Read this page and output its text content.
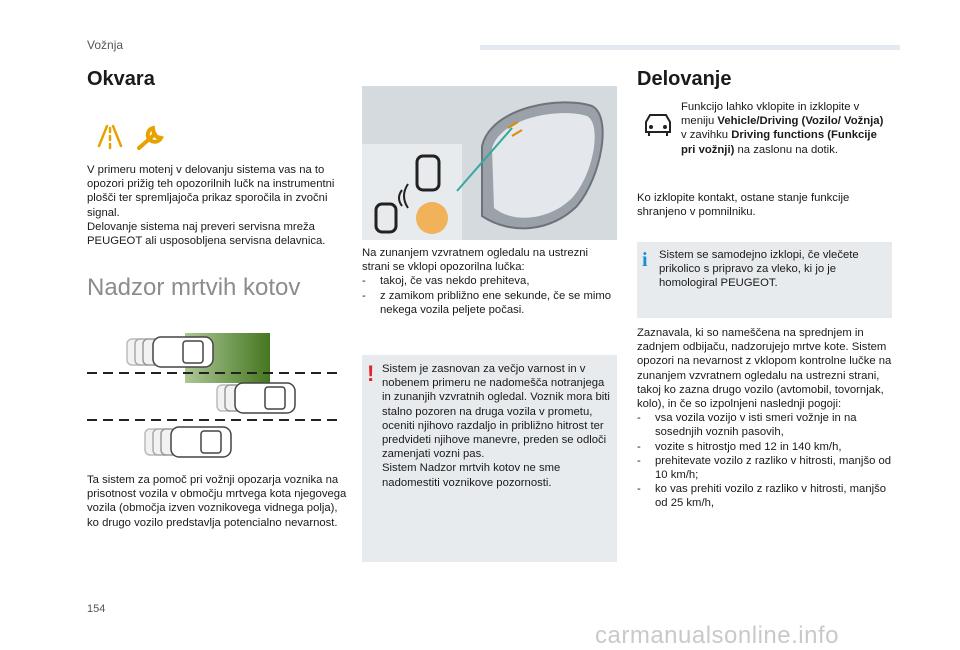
Vožnja
Okvara

V primeru motenj v delovanju sistema vas na to opozori prižig teh opozorilnih lučk na instrumentni plošči ter spremljajoča prikaz sporočila in zvočni signal.

Delovanje sistema naj preveri servisna mreža PEUGEOT ali usposobljena servisna delavnica.

Nadzor mrtvih kotov
Ta sistem za pomoč pri vožnji opozarja voznika na prisotnost vozila v območju mrtvega kota njegovega vozila (območja izven voznikovega vidnega polja), ko drugo vozilo predstavlja potencialno nevarnost.

Na zunanjem vzvratnem ogledalu na ustrezni strani se vklopi opozorilna lučka:

- takoj, če vas nekdo prehiteva,
- z zamikom približno ene sekunde, če se mimo nekega vozila peljete počasi.
! Sistem je zasnovan za večjo varnost in v nobenem primeru ne nadomešča notranjega in zunanjih vzvratnih ogledal. Voznik mora biti stalno pozoren na druga vozila v prometu, oceniti njihovo razdaljo in približno hitrost ter predvideti njihove manevre, preden se odloči zamenjati vozni pas.

Sistem Nadzor mrtvih kotov ne sme nadomestiti voznikove pozornosti.

Delovanje
Funkcijo lahko vklopite in izklopite v meniju Vehicle/Driving (Vozilo/ Vožnja) v zavihku Driving functions (Funkcije pri vožnji) na zaslonu na dotik.
Ko izklopite kontakt, ostane stanje funkcije shranjeno v pomnilniku.
i Sistem se samodejno izklopi, če vlečete prikolico s pripravo za vleko, ki jo je homologiral PEUGEOT.

Zaznavala, ki so nameščena na sprednjem in zadnjem odbijaču, nadzorujejo mrtve kote. Sistem opozori na nevarnost z vklopom kontrolne lučke na zunanjem vzvratnem ogledalu na ustrezni strani, takoj ko zazna drugo vozilo (avtomobil, tovornjak, kolo), in če so izpolnjeni naslednji pogoji:

- vsa vozila vozijo v isti smeri vožnje in na sosednjih voznih pasovih,
- vozite s hitrostjo med 12 in 140 km/h,
- prehitevate vozilo z razliko v hitrosti, manjšo od 10 km/h;
- ko vas prehiti vozilo z razliko v hitrosti, manjšo od 25 km/h,
154
carmanualsonline.info
